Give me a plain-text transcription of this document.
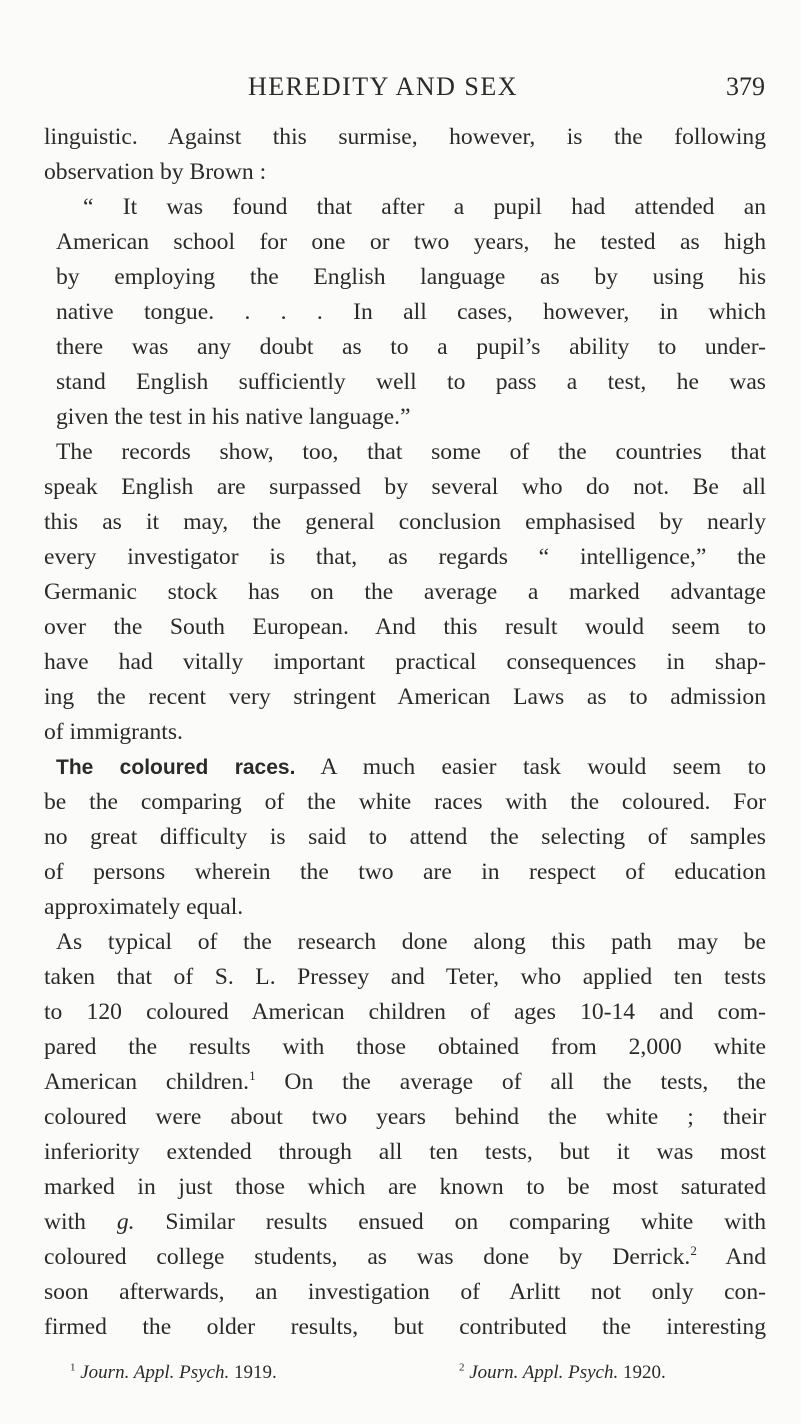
HEREDITY AND SEX	379

linguistic. Against this surmise, however, is the following
observation by Brown :

“ It was found that after a pupil had attended an
American school for one or two years, he tested as high
by employing the English language as by using his
native tongue. . . . In all cases, however, in which
there was any doubt as to a pupil’s ability to under-
stand English sufficiently well to pass a test, he was
given the test in his native language.”

The records show, too, that some of the countries that
speak English are surpassed by several who do not. Be all
this as it may, the general conclusion emphasised by nearly
every investigator is that, as regards “ intelligence,” the
Germanic stock has on the average a marked advantage
over the South European. And this result would seem to
have had vitally important practical consequences in shap-
ing the recent very stringent American Laws as to admission
of immigrants.

The coloured races. A much easier task would seem to
be the comparing of the white races with the coloured. For
no great difficulty is said to attend the selecting of samples
of persons wherein the two are in respect of education
approximately equal.

As typical of the research done along this path may be
taken that of S. L. Pressey and Teter, who applied ten tests
to 120 coloured American children of ages 10-14 and com-
pared the results with those obtained from 2,000 white
American children.$^1$ On the average of all the tests, the
coloured were about two years behind the white ; their
inferiority extended through all ten tests, but it was most
marked in just those which are known to be most saturated
with g. Similar results ensued on comparing white with
coloured college students, as was done by Derrick.$^2$ And
soon afterwards, an investigation of Arlitt not only con-
firmed the older results, but contributed the interesting

$^1$ Journ. Appl. Psych. 1919.	$^2$ Journ. Appl. Psych. 1920.
